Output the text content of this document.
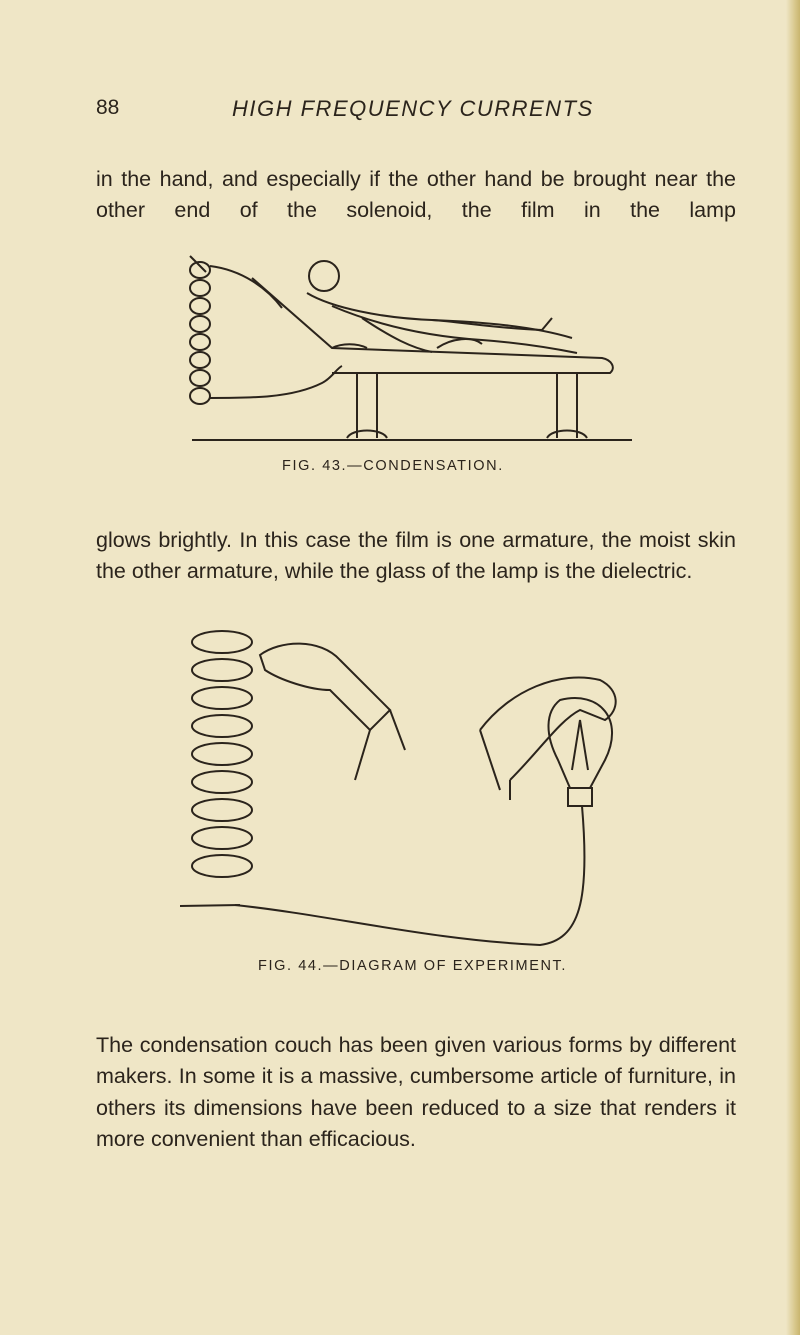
88	HIGH FREQUENCY CURRENTS

in the hand, and especially if the other hand be brought near the other end of the solenoid, the film in the lamp

FIG. 43.—CONDENSATION.

glows brightly. In this case the film is one armature, the moist skin the other armature, while the glass of the lamp is the dielectric.

FIG. 44.—DIAGRAM OF EXPERIMENT.

The condensation couch has been given various forms by different makers. In some it is a massive, cumbersome article of furniture, in others its dimensions have been reduced to a size that renders it more convenient than efficacious.
